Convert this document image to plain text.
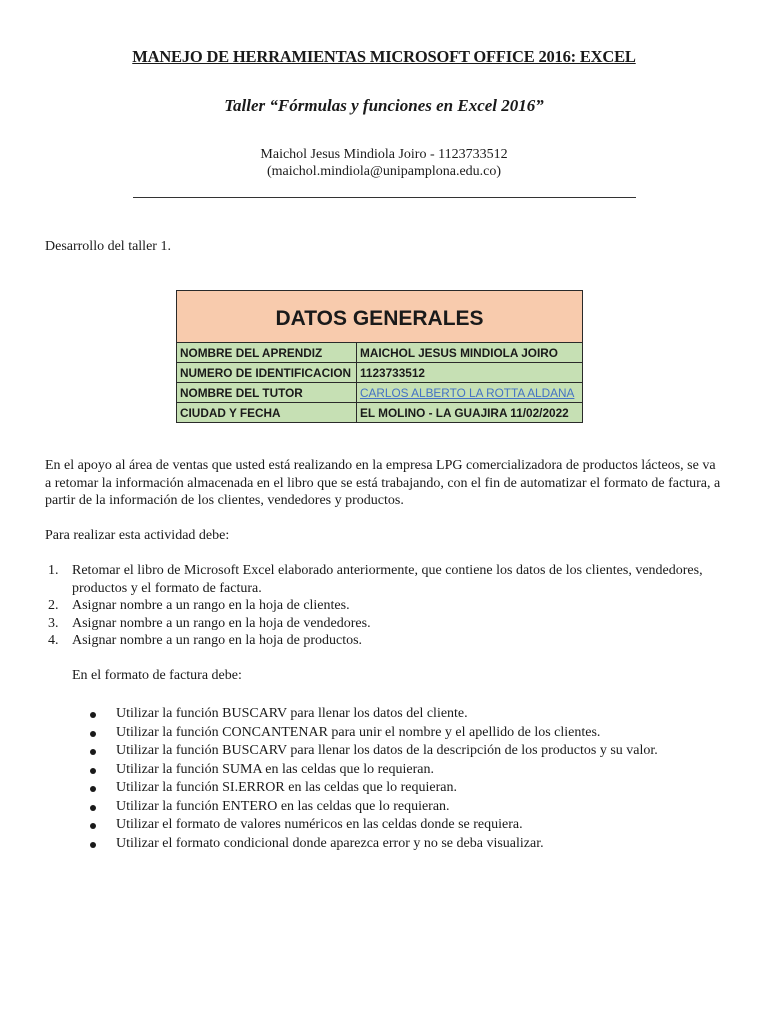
MANEJO DE HERRAMIENTAS MICROSOFT OFFICE 2016: EXCEL
Taller “Fórmulas y funciones en Excel 2016”
Maichol Jesus Mindiola Joiro - 1123733512
(maichol.mindiola@unipamplona.edu.co)
Desarrollo del taller 1.
DATOS GENERALES	
NOMBRE DEL APRENDIZ	MAICHOL JESUS MINDIOLA JOIRO
NUMERO DE IDENTIFICACION	1123733512
NOMBRE DEL TUTOR	CARLOS ALBERTO LA ROTTA ALDANA
CIUDAD Y FECHA	EL MOLINO - LA GUAJIRA 11/02/2022
En el apoyo al área de ventas que usted está realizando en la empresa LPG comercializadora de productos lácteos, se va a retomar la información almacenada en el libro que se está trabajando, con el fin de automatizar el formato de factura, a partir de la información de los clientes, vendedores y productos.
Para realizar esta actividad debe:
1. Retomar el libro de Microsoft Excel elaborado anteriormente, que contiene los datos de los clientes, vendedores, productos y el formato de factura.
2. Asignar nombre a un rango en la hoja de clientes.
3. Asignar nombre a un rango en la hoja de vendedores.
4. Asignar nombre a un rango en la hoja de productos.
En el formato de factura debe:
Utilizar la función BUSCARV para llenar los datos del cliente.
Utilizar la función CONCANTENAR para unir el nombre y el apellido de los clientes.
Utilizar la función BUSCARV para llenar los datos de la descripción de los productos y su valor.
Utilizar la función SUMA en las celdas que lo requieran.
Utilizar la función SI.ERROR en las celdas que lo requieran.
Utilizar la función ENTERO en las celdas que lo requieran.
Utilizar el formato de valores numéricos en las celdas donde se requiera.
Utilizar el formato condicional donde aparezca error y no se deba visualizar.
